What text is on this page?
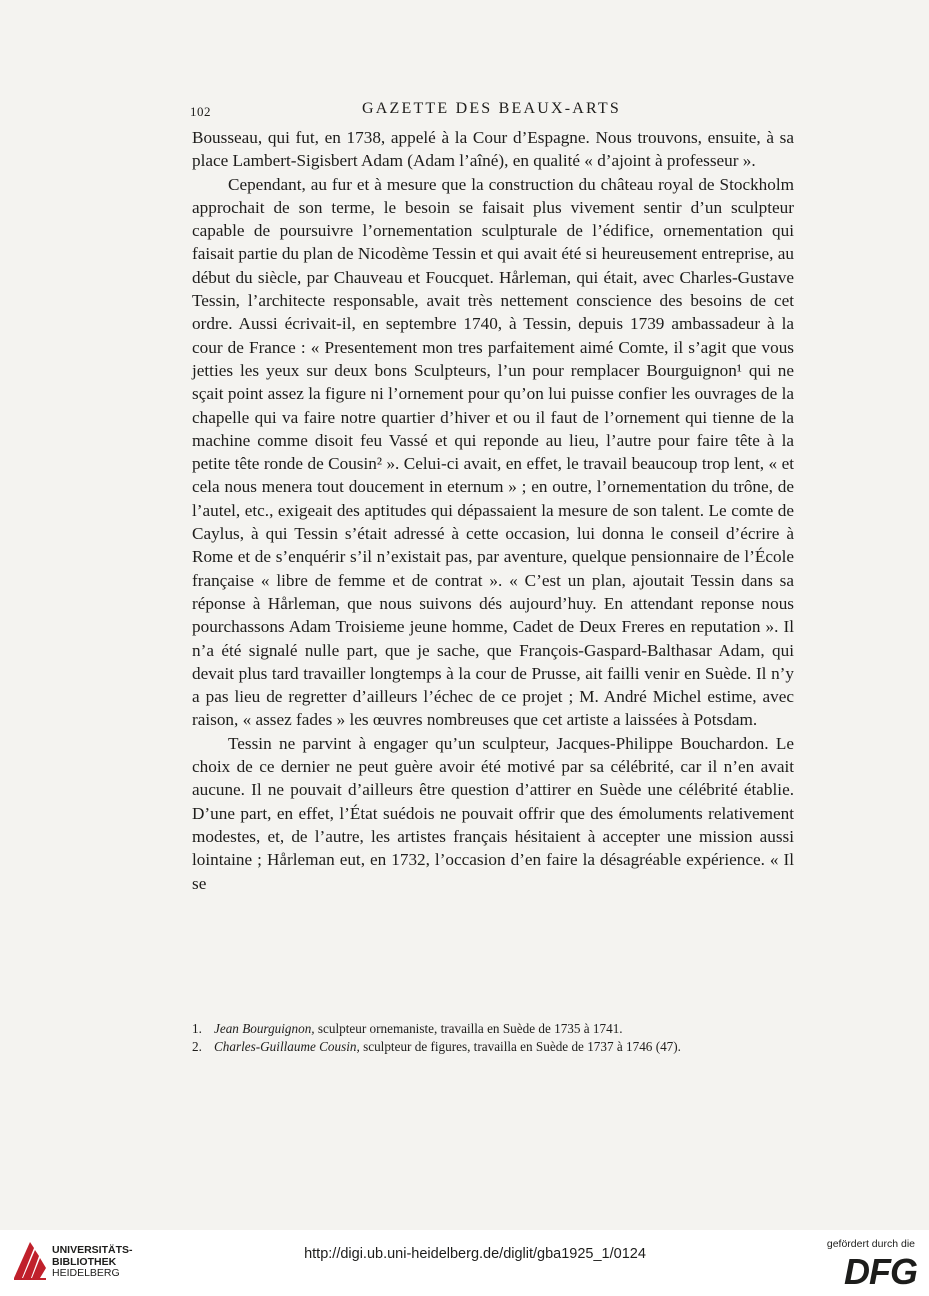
102	GAZETTE DES BEAUX-ARTS

Bousseau, qui fut, en 1738, appelé à la Cour d’Espagne. Nous trouvons, ensuite, à sa place Lambert-Sigisbert Adam (Adam l’aîné), en qualité « d’ajoint à professeur ».

Cependant, au fur et à mesure que la construction du château royal de Stockholm approchait de son terme, le besoin se faisait plus vivement sentir d’un sculpteur capable de poursuivre l’ornementation sculpturale de l’édifice, ornementation qui faisait partie du plan de Nicodème Tessin et qui avait été si heureusement entreprise, au début du siècle, par Chauveau et Foucquet. Hårleman, qui était, avec Charles-Gustave Tessin, l’architecte responsable, avait très nettement conscience des besoins de cet ordre. Aussi écrivait-il, en septembre 1740, à Tessin, depuis 1739 ambassadeur à la cour de France : « Presentement mon tres parfaitement aimé Comte, il s’agit que vous jetties les yeux sur deux bons Sculpteurs, l’un pour remplacer Bourguignon¹ qui ne sçait point assez la figure ni l’ornement pour qu’on lui puisse confier les ouvrages de la chapelle qui va faire notre quartier d’hiver et ou il faut de l’ornement qui tienne de la machine comme disoit feu Vassé et qui reponde au lieu, l’autre pour faire tête à la petite tête ronde de Cousin² ». Celui-ci avait, en effet, le travail beaucoup trop lent, « et cela nous menera tout doucement in eternum » ; en outre, l’ornementation du trône, de l’autel, etc., exigeait des aptitudes qui dépassaient la mesure de son talent. Le comte de Caylus, à qui Tessin s’était adressé à cette occasion, lui donna le conseil d’écrire à Rome et de s’enquérir s’il n’existait pas, par aventure, quelque pensionnaire de l’École française « libre de femme et de contrat ». « C’est un plan, ajoutait Tessin dans sa réponse à Hårleman, que nous suivons dés aujourd’huy. En attendant reponse nous pourchassons Adam Troisieme jeune homme, Cadet de Deux Freres en reputation ». Il n’a été signalé nulle part, que je sache, que François-Gaspard-Balthasar Adam, qui devait plus tard travailler longtemps à la cour de Prusse, ait failli venir en Suède. Il n’y a pas lieu de regretter d’ailleurs l’échec de ce projet ; M. André Michel estime, avec raison, « assez fades » les œuvres nombreuses que cet artiste a laissées à Potsdam.

Tessin ne parvint à engager qu’un sculpteur, Jacques-Philippe Bouchardon. Le choix de ce dernier ne peut guère avoir été motivé par sa célébrité, car il n’en avait aucune. Il ne pouvait d’ailleurs être question d’attirer en Suède une célébrité établie. D’une part, en effet, l’État suédois ne pouvait offrir que des émoluments relativement modestes, et, de l’autre, les artistes français hésitaient à accepter une mission aussi lointaine ; Hårleman eut, en 1732, l’occasion d’en faire la désagréable expérience. « Il se

1. Jean Bourguignon, sculpteur ornemaniste, travailla en Suède de 1735 à 1741.
2. Charles-Guillaume Cousin, sculpteur de figures, travailla en Suède de 1737 à 1746 (47).
UNIVERSITÄTS-
BIBLIOTHEK
HEIDELBERG
http://digi.ub.uni-heidelberg.de/diglit/gba1925_1/0124
gefördert durch die
DFG
